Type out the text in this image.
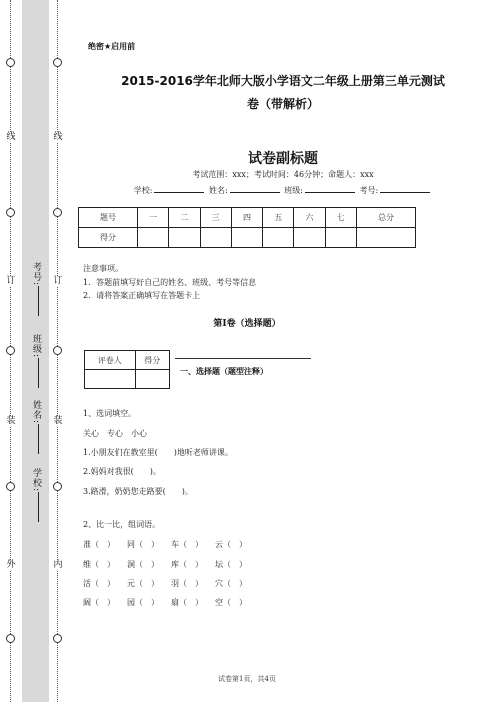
外
装
订
线
内
装
订
线
学校:
姓名:
班级:
考号:
绝密★启用前
2015-2016学年北师大版小学语文二年级上册第三单元测试
卷（带解析）
试卷副标题
考试范围：xxx；考试时间：46分钟；命题人：xxx
学校:	姓名:	班级:	考号:
题号	一	二	三	四	五	六	七	总分
得分								
注意事项。
1．答题前填写好自己的姓名、班级、考号等信息
2．请将答案正确填写在答题卡上
第I卷（选择题）
评卷人	得分

一、选择题（题型注释）
1、选词填空。
关心　专心　小心
1.小朋友们在教室里(　　)地听老师讲课。
2.妈妈对我很(　　)。
3.路滑，奶奶您走路要(　　)。
2、比一比，组词语。
准（　） 同（　） 车（　） 云（　）
维（　） 洞（　） 库（　） 坛（　）
活（　） 元（　） 羽（　） 穴（　）
阔（　） 园（　） 扇（　） 空（　）
试卷第1页，共4页
